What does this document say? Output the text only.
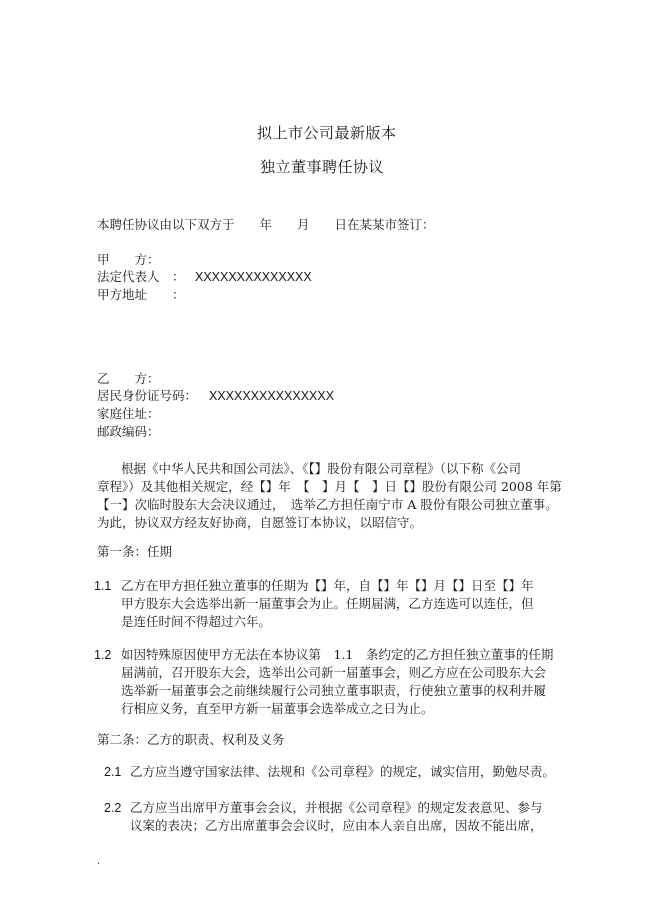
拟上市公司最新版本
独立董事聘任协议
本聘任协议由以下双方于　　年　　月　　日在某某市签订：
甲　　方：
法定代表人　： XXXXXXXXXXXXXX
甲方地址　　：
乙　　方：
居民身份证号码： XXXXXXXXXXXXXXX
家庭住址：
邮政编码：
根据《中华人民共和国公司法》、《【】股份有限公司章程》（以下称《公司
章程》）及其他相关规定，经【】年　【　】月【　】日【】股份有限公司 2008 年第
【一】次临时股东大会决议通过，　选举乙方担任南宁市 A 股份有限公司独立董事。
为此，协议双方经友好协商，自愿签订本协议，以昭信守。
第一条：任期
1.1 乙方在甲方担任独立董事的任期为【】年，自【】年【】月【】日至【】年
甲方股东大会选举出新一届董事会为止。任期届满，乙方连选可以连任，但
是连任时间不得超过六年。
1.2 如因特殊原因使甲方无法在本协议第　1.1　条约定的乙方担任独立董事的任期
届满前，召开股东大会，选举出公司新一届董事会，则乙方应在公司股东大会
选举新一届董事会之前继续履行公司独立董事职责，行使独立董事的权利并履
行相应义务，直至甲方新一届董事会选举成立之日为止。
第二条：乙方的职责、权利及义务
2.1 乙方应当遵守国家法律、法规和《公司章程》的规定，诚实信用，勤勉尽责。
2.2 乙方应当出席甲方董事会会议，并根据《公司章程》的规定发表意见、参与
议案的表决；乙方出席董事会会议时，应由本人亲自出席，因故不能出席，
.
